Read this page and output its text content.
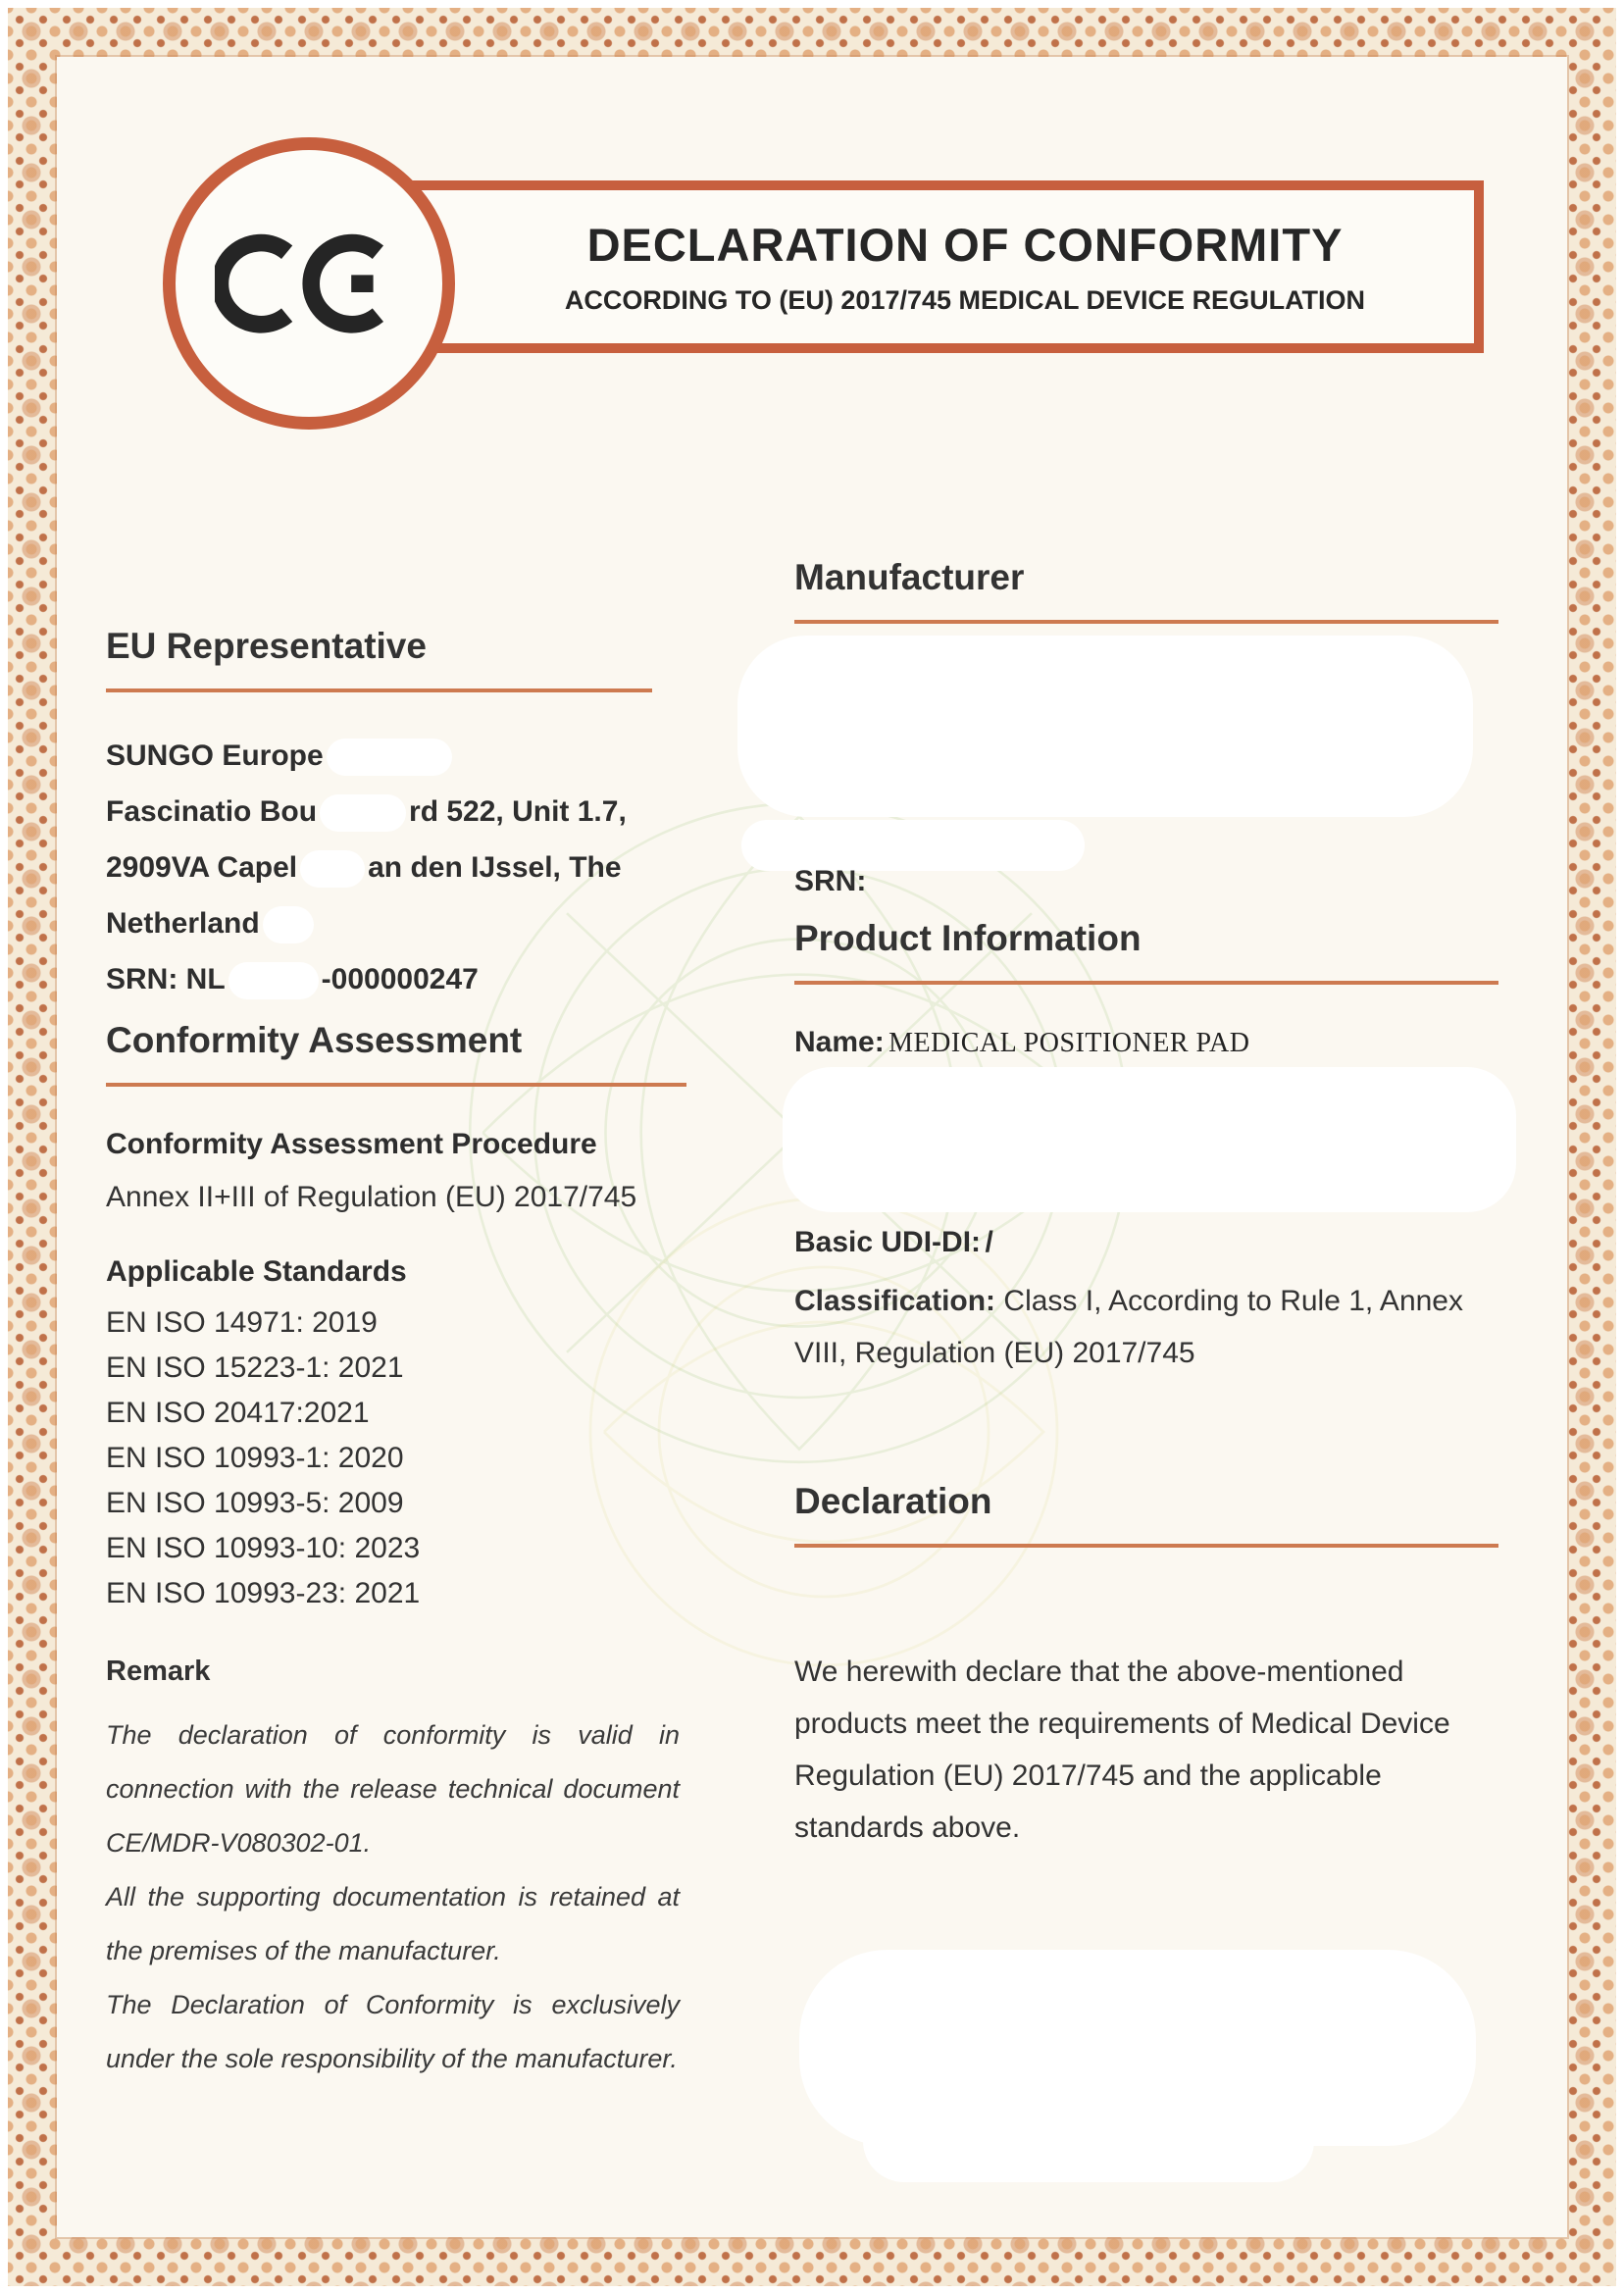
DECLARATION OF CONFORMITY
ACCORDING TO (EU) 2017/745 MEDICAL DEVICE REGULATION
EU Representative
SUNGO Europe
Fascinatio Bou	rd 522, Unit 1.7,
2909VA Capel an den IJssel, The
Netherland
SRN: NL	-000000247
Conformity Assessment
Conformity Assessment Procedure
Annex II+III of Regulation (EU) 2017/745
Applicable Standards
EN ISO 14971: 2019
EN ISO 15223-1: 2021
EN ISO 20417:2021
EN ISO 10993-1: 2020
EN ISO 10993-5: 2009
EN ISO 10993-10: 2023
EN ISO 10993-23: 2021
Remark
The declaration of conformity is valid in connection with the release technical document CE/MDR-V080302-01.
All the supporting documentation is retained at the premises of the manufacturer.
The Declaration of Conformity is exclusively under the sole responsibility of the manufacturer.
Manufacturer
SRN:
Product Information
Name: MEDICAL POSITIONER PAD
Basic UDI-DI: /
Classification: Class I, According to Rule 1, Annex VIII, Regulation (EU) 2017/745
Declaration
We herewith declare that the above-mentioned products meet the requirements of Medical Device Regulation (EU) 2017/745 and the applicable standards above.
